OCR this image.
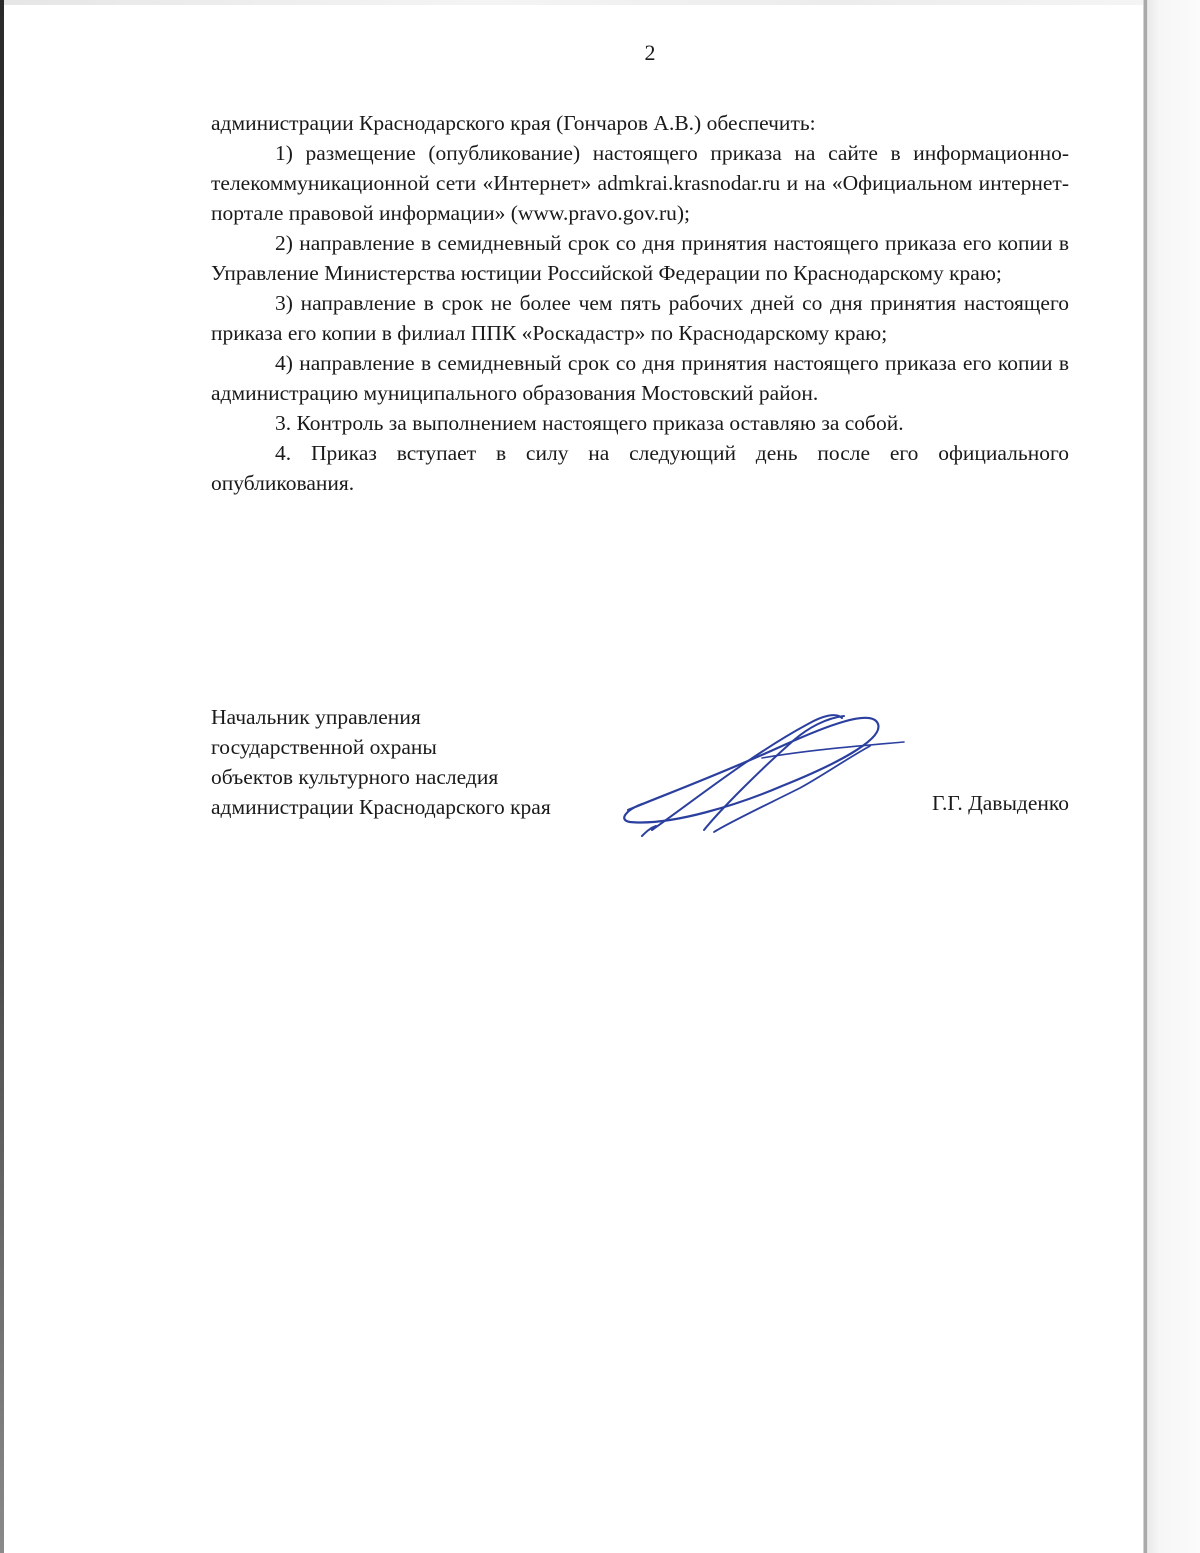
2

администрации Краснодарского края (Гончаров А.В.) обеспечить:

1) размещение (опубликование) настоящего приказа на сайте в информационно-телекоммуникационной сети «Интернет» admkrai.krasnodar.ru и на «Официальном интернет-портале правовой информации» (www.pravo.gov.ru);

2) направление в семидневный срок со дня принятия настоящего приказа его копии в Управление Министерства юстиции Российской Федерации по Краснодарскому краю;

3) направление в срок не более чем пять рабочих дней со дня принятия настоящего приказа его копии в филиал ППК «Роскадастр» по Краснодарскому краю;

4) направление в семидневный срок со дня принятия настоящего приказа его копии в администрацию муниципального образования Мостовский район.

3. Контроль за выполнением настоящего приказа оставляю за собой.

4. Приказ вступает в силу на следующий день после его официального опубликования.

Начальник управления
государственной охраны
объектов культурного наследия
администрации Краснодарского края	Г.Г. Давыденко
